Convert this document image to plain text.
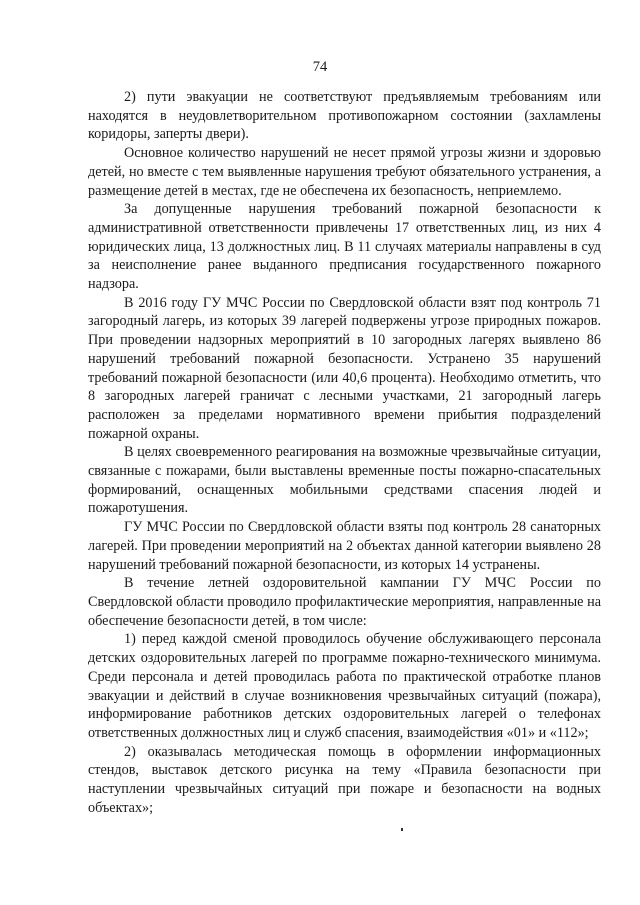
74

2) пути эвакуации не соответствуют предъявляемым требованиям или находятся в неудовлетворительном противопожарном состоянии (захламлены коридоры, заперты двери).

Основное количество нарушений не несет прямой угрозы жизни и здоровью детей, но вместе с тем выявленные нарушения требуют обязательного устранения, а размещение детей в местах, где не обеспечена их безопасность, неприемлемо.

За допущенные нарушения требований пожарной безопасности к административной ответственности привлечены 17 ответственных лиц, из них 4 юридических лица, 13 должностных лиц. В 11 случаях материалы направлены в суд за неисполнение ранее выданного предписания государственного пожарного надзора.

В 2016 году ГУ МЧС России по Свердловской области взят под контроль 71 загородный лагерь, из которых 39 лагерей подвержены угрозе природных пожаров. При проведении надзорных мероприятий в 10 загородных лагерях выявлено 86 нарушений требований пожарной безопасности. Устранено 35 нарушений требований пожарной безопасности (или 40,6 процента). Необходимо отметить, что 8 загородных лагерей граничат с лесными участками, 21 загородный лагерь расположен за пределами нормативного времени прибытия подразделений пожарной охраны.

В целях своевременного реагирования на возможные чрезвычайные ситуации, связанные с пожарами, были выставлены временные посты пожарно-спасательных формирований, оснащенных мобильными средствами спасения людей и пожаротушения.

ГУ МЧС России по Свердловской области взяты под контроль 28 санаторных лагерей. При проведении мероприятий на 2 объектах данной категории выявлено 28 нарушений требований пожарной безопасности, из которых 14 устранены.

В течение летней оздоровительной кампании ГУ МЧС России по Свердловской области проводило профилактические мероприятия, направленные на обеспечение безопасности детей, в том числе:

1) перед каждой сменой проводилось обучение обслуживающего персонала детских оздоровительных лагерей по программе пожарно-технического минимума. Среди персонала и детей проводилась работа по практической отработке планов эвакуации и действий в случае возникновения чрезвычайных ситуаций (пожара), информирование работников детских оздоровительных лагерей о телефонах ответственных должностных лиц и служб спасения, взаимодействия «01» и «112»;

2) оказывалась методическая помощь в оформлении информационных стендов, выставок детского рисунка на тему «Правила безопасности при наступлении чрезвычайных ситуаций при пожаре и безопасности на водных объектах»;
